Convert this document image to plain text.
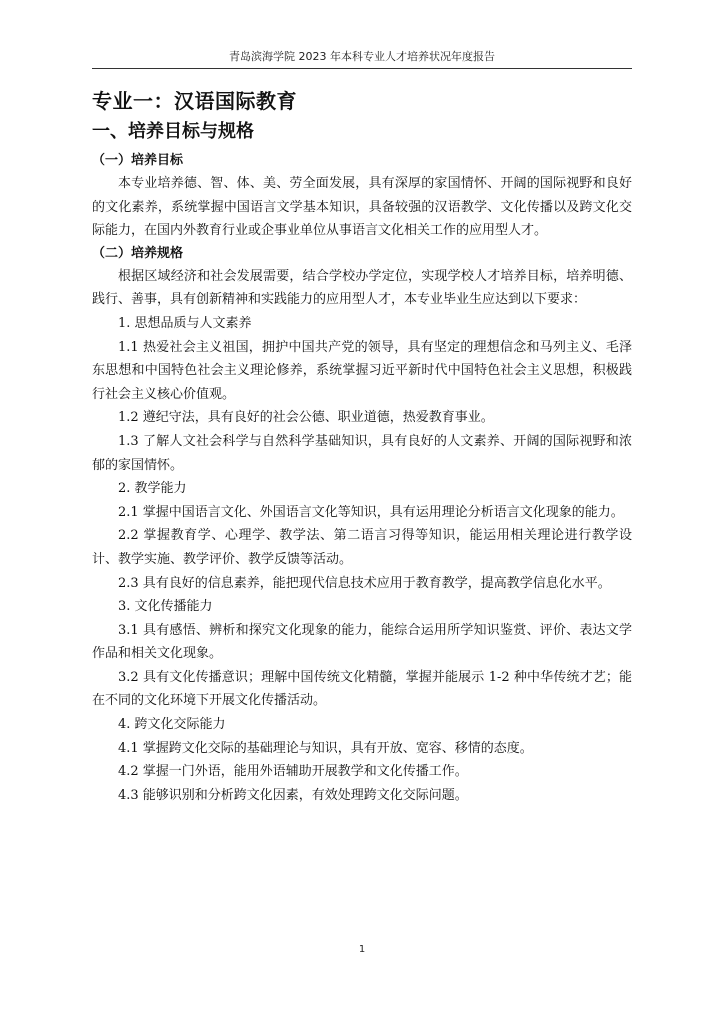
青岛滨海学院 2023 年本科专业人才培养状况年度报告
专业一：汉语国际教育
一、培养目标与规格
（一）培养目标

本专业培养德、智、体、美、劳全面发展，具有深厚的家国情怀、开阔的国际视野和良好的文化素养，系统掌握中国语言文学基本知识，具备较强的汉语教学、文化传播以及跨文化交际能力，在国内外教育行业或企事业单位从事语言文化相关工作的应用型人才。

（二）培养规格

根据区域经济和社会发展需要，结合学校办学定位，实现学校人才培养目标，培养明德、践行、善事，具有创新精神和实践能力的应用型人才，本专业毕业生应达到以下要求：

1. 思想品质与人文素养

1.1 热爱社会主义祖国，拥护中国共产党的领导，具有坚定的理想信念和马列主义、毛泽东思想和中国特色社会主义理论修养，系统掌握习近平新时代中国特色社会主义思想，积极践行社会主义核心价值观。

1.2 遵纪守法，具有良好的社会公德、职业道德，热爱教育事业。

1.3 了解人文社会科学与自然科学基础知识，具有良好的人文素养、开阔的国际视野和浓郁的家国情怀。

2. 教学能力

2.1 掌握中国语言文化、外国语言文化等知识，具有运用理论分析语言文化现象的能力。

2.2 掌握教育学、心理学、教学法、第二语言习得等知识，能运用相关理论进行教学设计、教学实施、教学评价、教学反馈等活动。

2.3 具有良好的信息素养，能把现代信息技术应用于教育教学，提高教学信息化水平。

3. 文化传播能力

3.1 具有感悟、辨析和探究文化现象的能力，能综合运用所学知识鉴赏、评价、表达文学作品和相关文化现象。

3.2 具有文化传播意识；理解中国传统文化精髓，掌握并能展示 1-2 种中华传统才艺；能在不同的文化环境下开展文化传播活动。

4. 跨文化交际能力

4.1 掌握跨文化交际的基础理论与知识，具有开放、宽容、移情的态度。

4.2 掌握一门外语，能用外语辅助开展教学和文化传播工作。

4.3 能够识别和分析跨文化因素，有效处理跨文化交际问题。

1
